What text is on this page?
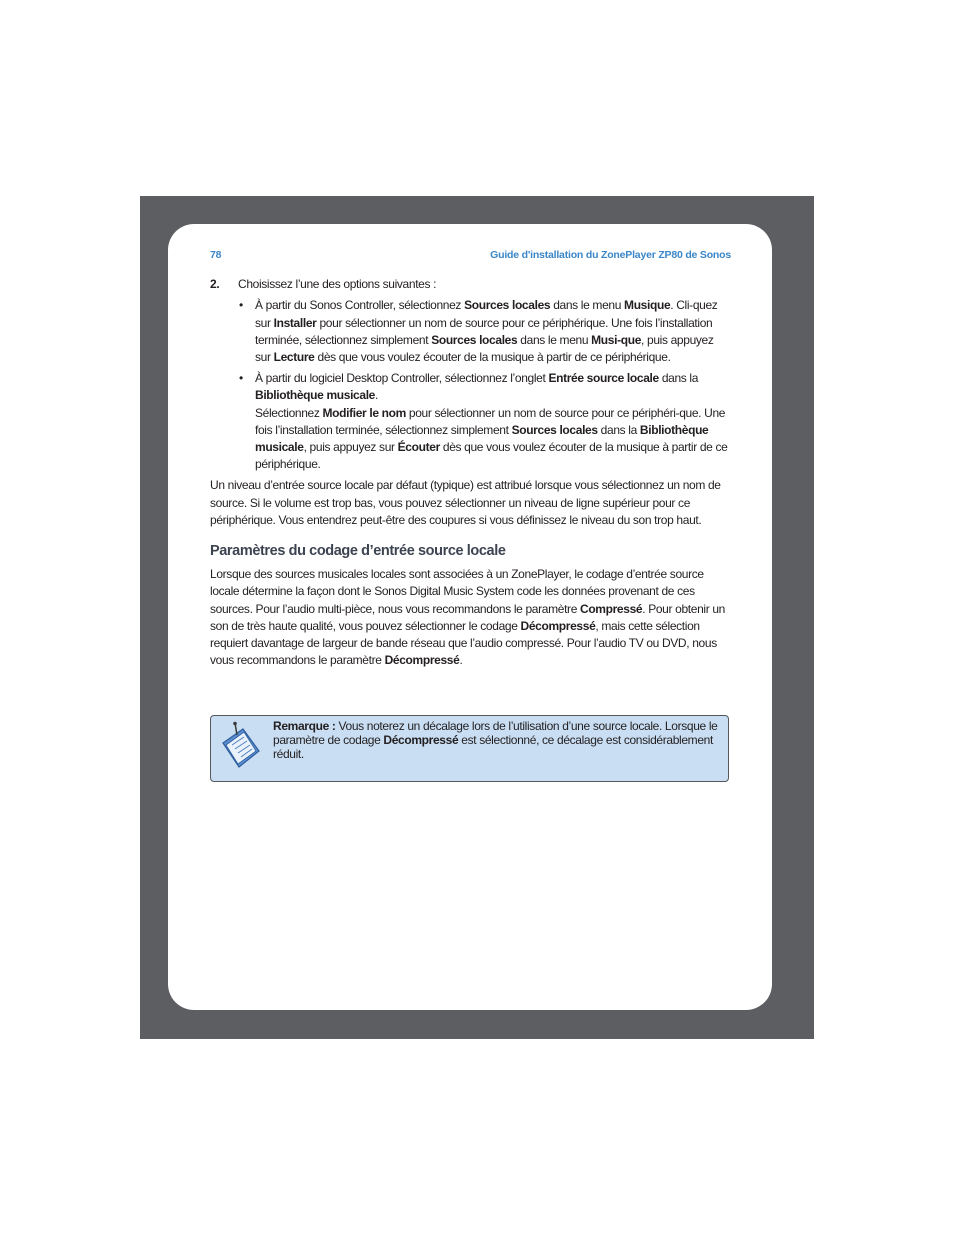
78	Guide d'installation du ZonePlayer ZP80 de Sonos
2.	Choisissez l’une des options suivantes :
• À partir du Sonos Controller, sélectionnez Sources locales dans le menu Musique. Cli-quez sur Installer pour sélectionner un nom de source pour ce périphérique. Une fois l’installation terminée, sélectionnez simplement Sources locales dans le menu Musi-que, puis appuyez sur Lecture dès que vous voulez écouter de la musique à partir de ce périphérique.
• À partir du logiciel Desktop Controller, sélectionnez l’onglet Entrée source locale dans la Bibliothèque musicale.
Sélectionnez Modifier le nom pour sélectionner un nom de source pour ce périphéri-que. Une fois l’installation terminée, sélectionnez simplement Sources locales dans la Bibliothèque musicale, puis appuyez sur Écouter dès que vous voulez écouter de la musique à partir de ce périphérique.

Un niveau d’entrée source locale par défaut (typique) est attribué lorsque vous sélectionnez un nom de source. Si le volume est trop bas, vous pouvez sélectionner un niveau de ligne supérieur pour ce périphérique. Vous entendrez peut-être des coupures si vous définissez le niveau du son trop haut.

Paramètres du codage d’entrée source locale

Lorsque des sources musicales locales sont associées à un ZonePlayer, le codage d’entrée source locale détermine la façon dont le Sonos Digital Music System code les données provenant de ces sources. Pour l’audio multi-pièce, nous vous recommandons le paramètre Compressé. Pour obtenir un son de très haute qualité, vous pouvez sélectionner le codage Décompressé, mais cette sélection requiert davantage de largeur de bande réseau que l’audio compressé. Pour l’audio TV ou DVD, nous vous recommandons le paramètre Décompressé.

Remarque : Vous noterez un décalage lors de l’utilisation d’une source locale. Lorsque le paramètre de codage Décompressé est sélectionné, ce décalage est considérablement réduit.
